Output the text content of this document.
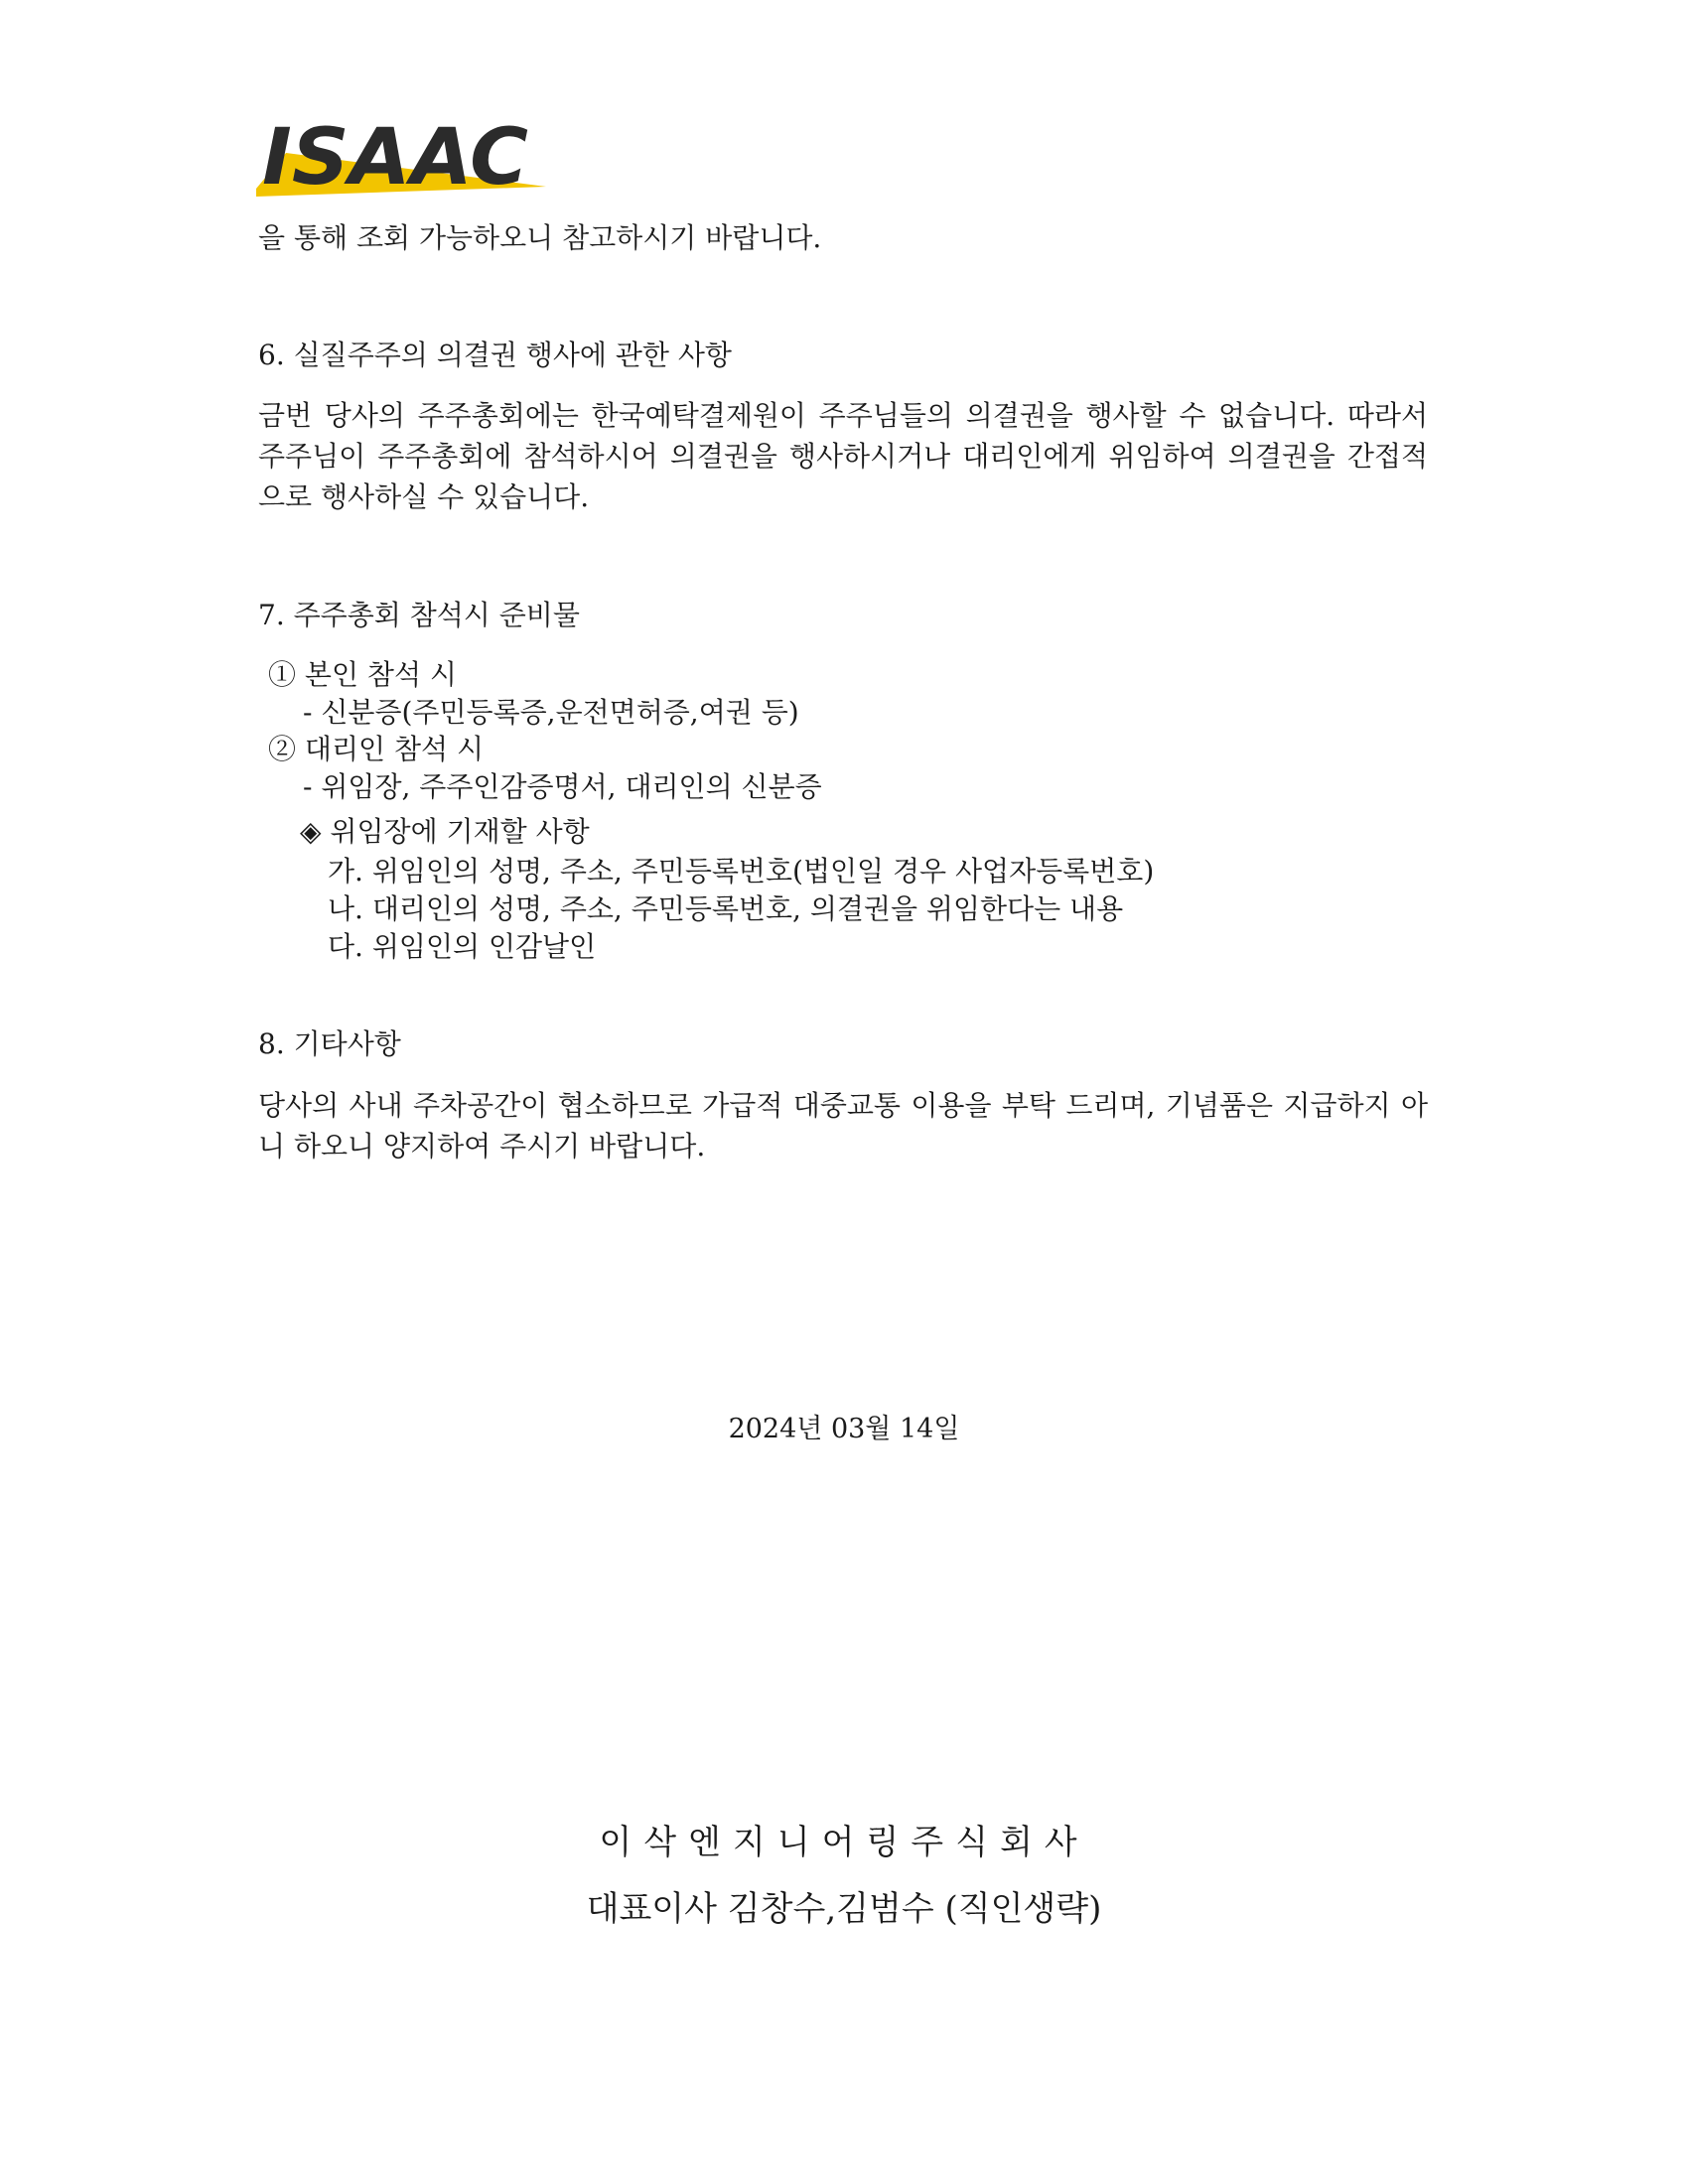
ISAAC
을 통해 조회 가능하오니 참고하시기 바랍니다.
6. 실질주주의 의결권 행사에 관한 사항
금번 당사의 주주총회에는 한국예탁결제원이 주주님들의 의결권을 행사할 수 없습니다. 따라서 주주님이 주주총회에 참석하시어 의결권을 행사하시거나 대리인에게 위임하여 의결권을 간접적으로 행사하실 수 있습니다.
7. 주주총회 참석시 준비물
① 본인 참석 시
- 신분증(주민등록증,운전면허증,여권 등)
② 대리인 참석 시
- 위임장, 주주인감증명서, 대리인의 신분증
◈ 위임장에 기재할 사항
가. 위임인의 성명, 주소, 주민등록번호(법인일 경우 사업자등록번호)
나. 대리인의 성명, 주소, 주민등록번호, 의결권을 위임한다는 내용
다. 위임인의 인감날인
8. 기타사항
당사의 사내 주차공간이 협소하므로 가급적 대중교통 이용을 부탁 드리며, 기념품은 지급하지 아니 하오니 양지하여 주시기 바랍니다.
2024년 03월 14일
이삭엔지니어링주식회사
대표이사 김창수,김범수 (직인생략)
